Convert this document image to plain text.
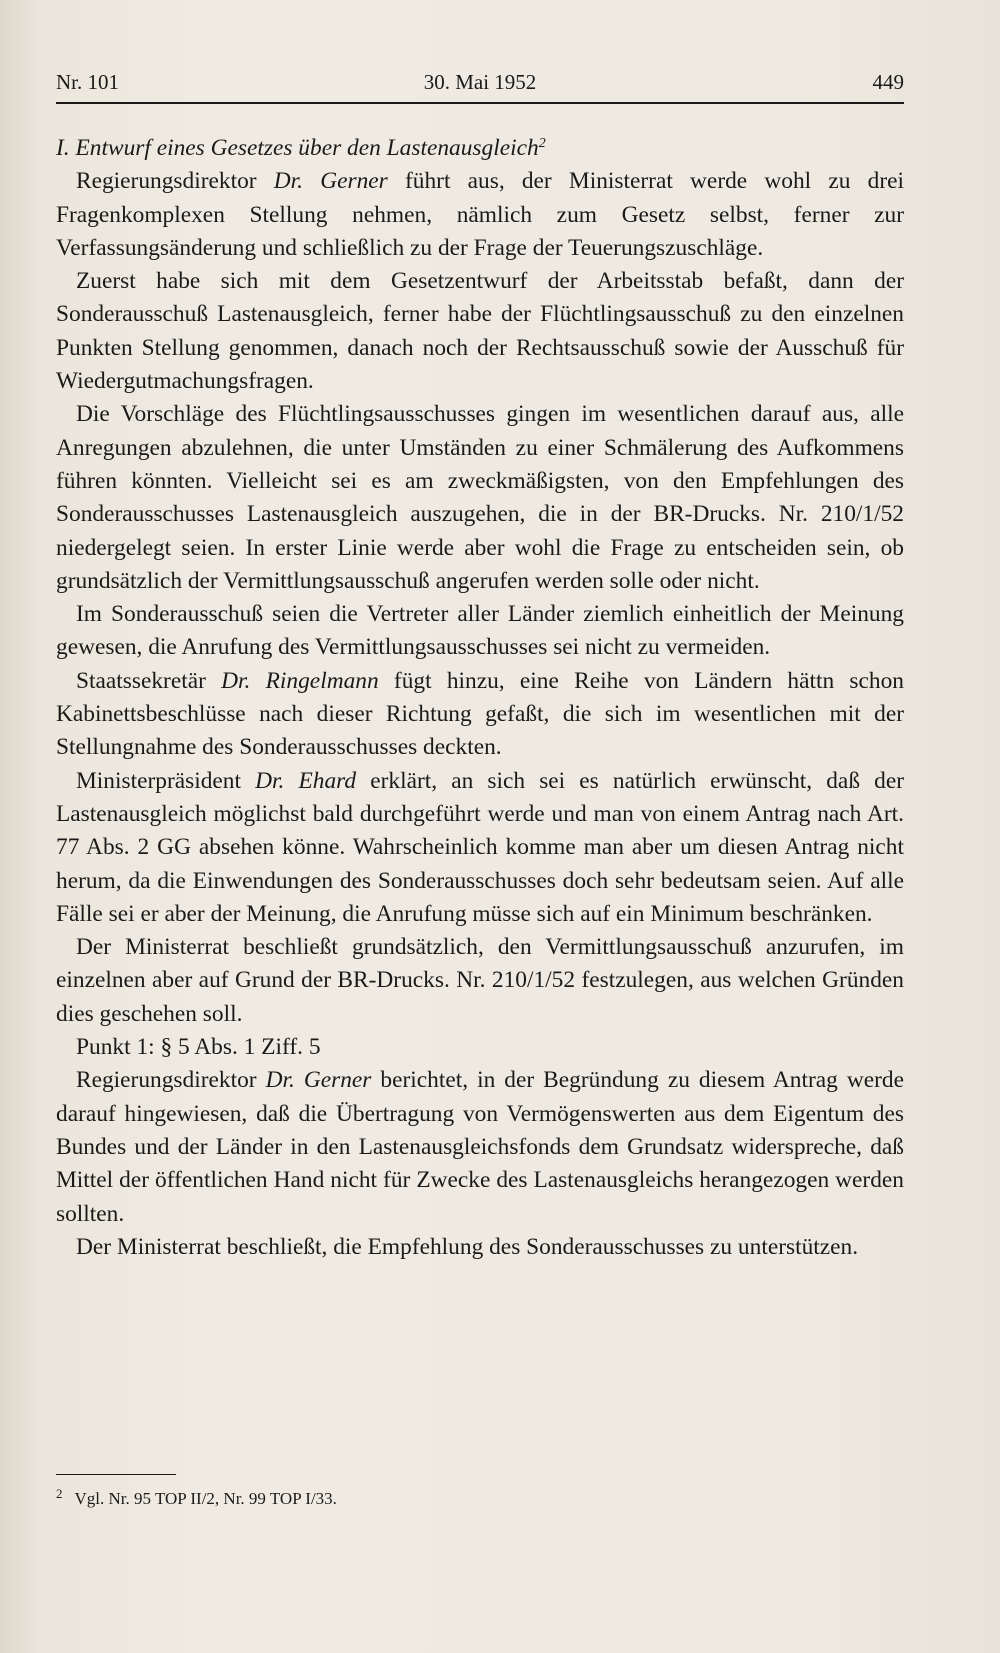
Nr. 101	30. Mai 1952	449

I. Entwurf eines Gesetzes über den Lastenausgleich$^2$

Regierungsdirektor Dr. Gerner führt aus, der Ministerrat werde wohl zu drei Fragenkomplexen Stellung nehmen, nämlich zum Gesetz selbst, ferner zur Verfassungsänderung und schließlich zu der Frage der Teuerungszuschläge.

Zuerst habe sich mit dem Gesetzentwurf der Arbeitsstab befaßt, dann der Sonderausschuß Lastenausgleich, ferner habe der Flüchtlingsausschuß zu den einzelnen Punkten Stellung genommen, danach noch der Rechtsausschuß sowie der Ausschuß für Wiedergutmachungsfragen.

Die Vorschläge des Flüchtlingsausschusses gingen im wesentlichen darauf aus, alle Anregungen abzulehnen, die unter Umständen zu einer Schmälerung des Aufkommens führen könnten. Vielleicht sei es am zweckmäßigsten, von den Empfehlungen des Sonderausschusses Lastenausgleich auszugehen, die in der BR-Drucks. Nr. 210/1/52 niedergelegt seien. In erster Linie werde aber wohl die Frage zu entscheiden sein, ob grundsätzlich der Vermittlungsausschuß angerufen werden solle oder nicht.

Im Sonderausschuß seien die Vertreter aller Länder ziemlich einheitlich der Meinung gewesen, die Anrufung des Vermittlungsausschusses sei nicht zu vermeiden.

Staatssekretär Dr. Ringelmann fügt hinzu, eine Reihe von Ländern hättn schon Kabinettsbeschlüsse nach dieser Richtung gefaßt, die sich im wesentlichen mit der Stellungnahme des Sonderausschusses deckten.

Ministerpräsident Dr. Ehard erklärt, an sich sei es natürlich erwünscht, daß der Lastenausgleich möglichst bald durchgeführt werde und man von einem Antrag nach Art. 77 Abs. 2 GG absehen könne. Wahrscheinlich komme man aber um diesen Antrag nicht herum, da die Einwendungen des Sonderausschusses doch sehr bedeutsam seien. Auf alle Fälle sei er aber der Meinung, die Anrufung müsse sich auf ein Minimum beschränken.

Der Ministerrat beschließt grundsätzlich, den Vermittlungsausschuß anzurufen, im einzelnen aber auf Grund der BR-Drucks. Nr. 210/1/52 festzulegen, aus welchen Gründen dies geschehen soll.

Punkt 1: § 5 Abs. 1 Ziff. 5

Regierungsdirektor Dr. Gerner berichtet, in der Begründung zu diesem Antrag werde darauf hingewiesen, daß die Übertragung von Vermögenswerten aus dem Eigentum des Bundes und der Länder in den Lastenausgleichsfonds dem Grundsatz widerspreche, daß Mittel der öffentlichen Hand nicht für Zwecke des Lastenausgleichs herangezogen werden sollten.

Der Ministerrat beschließt, die Empfehlung des Sonderausschusses zu unterstützen.

$^2$ Vgl. Nr. 95 TOP II/2, Nr. 99 TOP I/33.
